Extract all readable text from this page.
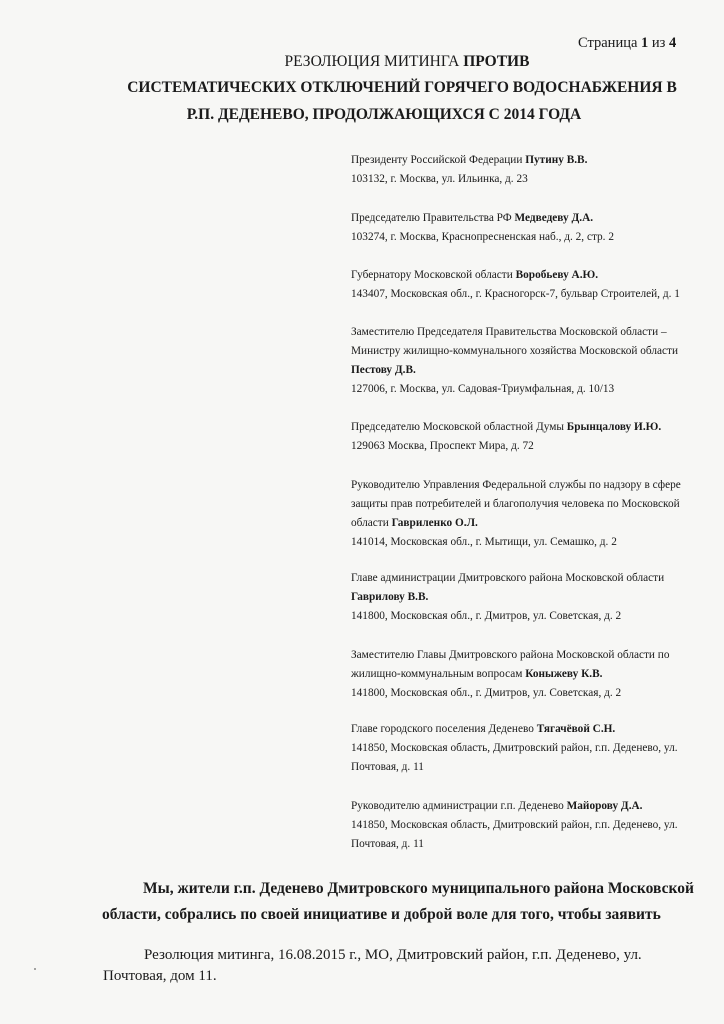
Страница 1 из 4
РЕЗОЛЮЦИЯ МИТИНГА ПРОТИВ
СИСТЕМАТИЧЕСКИХ ОТКЛЮЧЕНИЙ ГОРЯЧЕГО ВОДОСНАБЖЕНИЯ В
Р.П. ДЕДЕНЕВО, ПРОДОЛЖАЮЩИХСЯ С 2014 ГОДА
Президенту Российской Федерации Путину В.В.
103132, г. Москва, ул. Ильинка, д. 23
Председателю Правительства РФ Медведеву Д.А.
103274, г. Москва, Краснопресненская наб., д. 2, стр. 2
Губернатору Московской области Воробьеву А.Ю.
143407, Московская обл., г. Красногорск-7, бульвар Строителей, д. 1
Заместителю Председателя Правительства Московской области –
Министру жилищно-коммунального хозяйства Московской области
Пестову Д.В.
127006, г. Москва, ул. Садовая-Триумфальная, д. 10/13
Председателю Московской областной Думы Брынцалову И.Ю.
129063 Москва, Проспект Мира, д. 72
Руководителю Управления Федеральной службы по надзору в сфере
защиты прав потребителей и благополучия человека по Московской
области Гавриленко О.Л.
141014, Московская обл., г. Мытищи, ул. Семашко, д. 2
Главе администрации Дмитровского района Московской области
Гаврилову В.В.
141800, Московская обл., г. Дмитров, ул. Советская, д. 2
Заместителю Главы Дмитровского района Московской области по
жилищно-коммунальным вопросам Коныжеву К.В.
141800, Московская обл., г. Дмитров, ул. Советская, д. 2
Главе городского поселения Деденево Тягачёвой С.Н.
141850, Московская область, Дмитровский район, г.п. Деденево, ул.
Почтовая, д. 11
Руководителю администрации г.п. Деденево Майорову Д.А.
141850, Московская область, Дмитровский район, г.п. Деденево, ул.
Почтовая, д. 11
Мы, жители г.п. Деденево Дмитровского муниципального района Московской
области, собрались по своей инициативе и доброй воле для того, чтобы заявить
Резолюция митинга, 16.08.2015 г., МО, Дмитровский район, г.п. Деденево, ул.
Почтовая, дом 11.
